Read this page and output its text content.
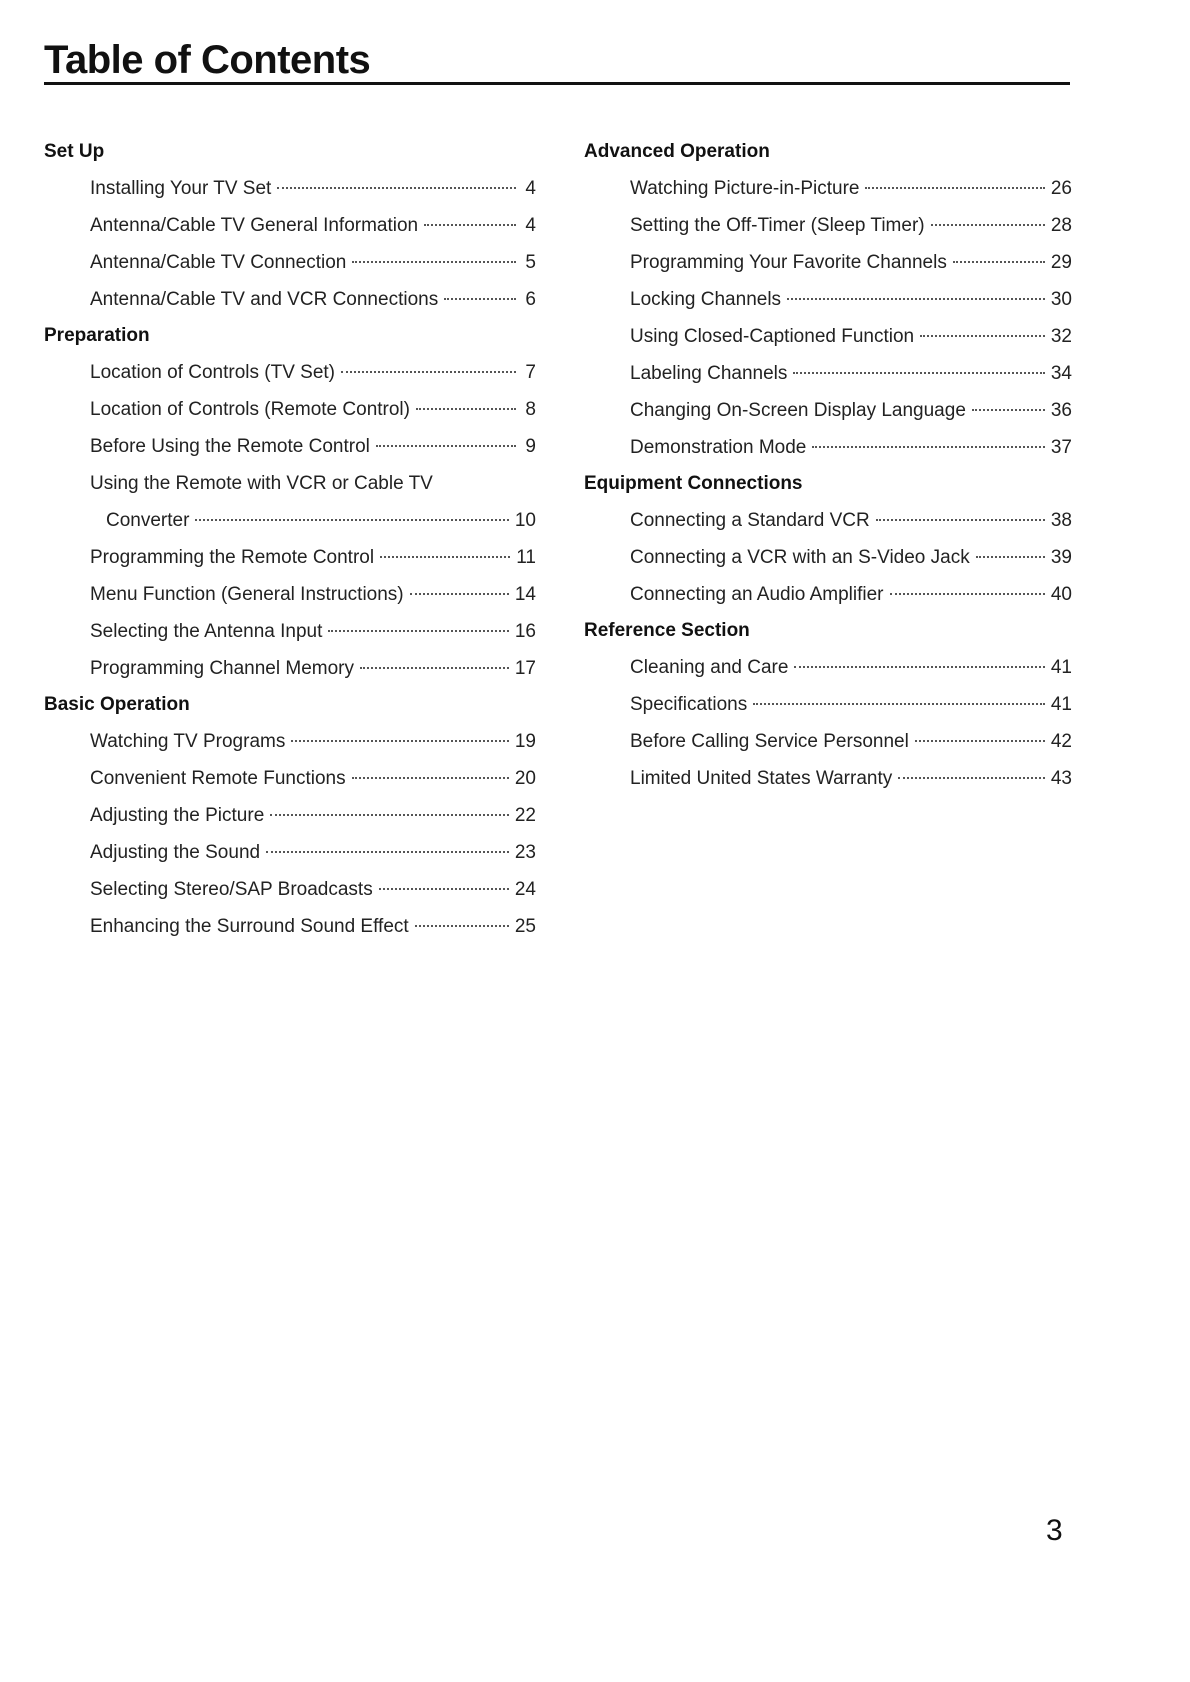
Table of Contents
Set Up
Installing Your TV Set	4
Antenna/Cable TV General Information	4
Antenna/Cable TV Connection	5
Antenna/Cable TV and VCR Connections	6
Preparation
Location of Controls (TV Set)	7
Location of Controls (Remote Control)	8
Before Using the Remote Control	9
Using the Remote with VCR or Cable TV
Converter	10
Programming the Remote Control	11
Menu Function (General Instructions)	14
Selecting the Antenna Input	16
Programming Channel Memory	17
Basic Operation
Watching TV Programs	19
Convenient Remote Functions	20
Adjusting the Picture	22
Adjusting the Sound	23
Selecting Stereo/SAP Broadcasts	24
Enhancing the Surround Sound Effect	25
Advanced Operation
Watching Picture-in-Picture	26
Setting the Off-Timer (Sleep Timer)	28
Programming Your Favorite Channels	29
Locking Channels	30
Using Closed-Captioned Function	32
Labeling Channels	34
Changing On-Screen Display Language	36
Demonstration Mode	37
Equipment Connections
Connecting a Standard VCR	38
Connecting a VCR with an S-Video Jack	39
Connecting an Audio Amplifier	40
Reference Section
Cleaning and Care	41
Specifications	41
Before Calling Service Personnel	42
Limited United States Warranty	43
3
